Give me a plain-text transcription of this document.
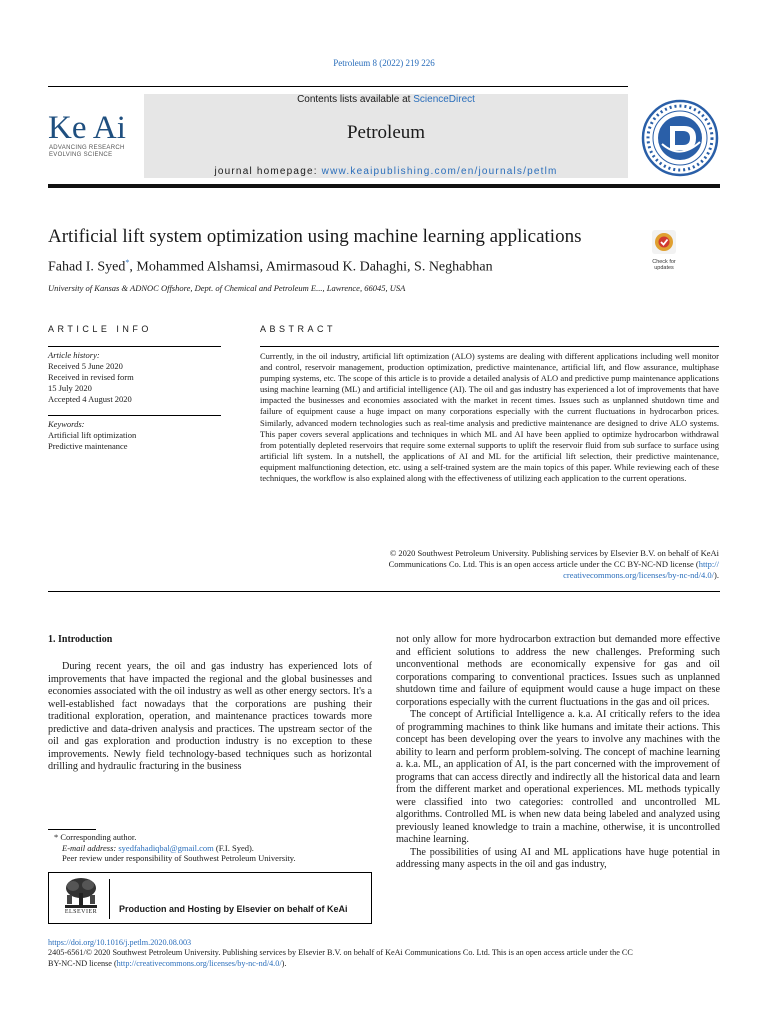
Petroleum 8 (2022) 219 226
Ke Ai
ADVANCING RESEARCH
EVOLVING SCIENCE
Contents lists available at ScienceDirect
Petroleum
journal homepage: www.keaipublishing.com/en/journals/petlm
Artificial lift system optimization using machine learning applications
Fahad I. Syed*, Mohammed Alshamsi, Amirmasoud K. Dahaghi, S. Neghabhan
University of Kansas & ADNOC Offshore, Dept. of Chemical and Petroleum E..., Lawrence, 66045, USA
Check for
updates
ARTICLE INFO
Article history:
Received 5 June 2020
Received in revised form
15 July 2020
Accepted 4 August 2020
Keywords:
Artificial lift optimization
Predictive maintenance
ABSTRACT
Currently, in the oil industry, artificial lift optimization (ALO) systems are dealing with different applications including well monitor and control, reservoir management, production optimization, predictive maintenance, artificial lift, and flow assurance, multiphase pumping systems, etc. The scope of this article is to provide a detailed analysis of ALO and predictive pump maintenance applications using machine learning (ML) and artificial intelligence (AI). The oil and gas industry has experienced a lot of improvements that have impacted the businesses and economies associated with the market in recent times. Issues such as unplanned shutdown time and failure of equipment cause a huge impact on many corporations especially with the current fluctuations in hydrocarbon prices. Similarly, advanced modern technologies such as real-time analysis and predictive maintenance are designed to drive ALO systems. This paper covers several applications and techniques in which ML and AI have been applied to optimize hydrocarbon withdrawal from potentially depleted reservoirs that require some external supports to uplift the reservoir fluid from sub surface to surface using artificial lift system. In a nutshell, the applications of AI and ML for the artificial lift selection, their predictive maintenance, equipment malfunctioning detection, etc. using a self-trained system are the main topics of this paper. While reviewing each of these techniques, the workflow is also explained along with the effectiveness of utilizing each application to the current operations.
© 2020 Southwest Petroleum University. Publishing services by Elsevier B.V. on behalf of KeAi
Communications Co. Ltd. This is an open access article under the CC BY-NC-ND license (http://
creativecommons.org/licenses/by-nc-nd/4.0/).
1. Introduction

During recent years, the oil and gas industry has experienced lots of improvements that have impacted the regional and the global businesses and economies associated with the oil industry as well as other energy sectors. It's a well-established fact nowadays that the corporations are pushing their traditional exploration, operation, and maintenance practices towards more predictive and data-driven analysis and practices. The upstream sector of the oil and gas exploration and production industry is no exception to these improvements. Newly field technology-based techniques such as horizontal drilling and hydraulic fracturing in the business

not only allow for more hydrocarbon extraction but demanded more effective and efficient solutions to address the new challenges. Preforming such unconventional methods are economically expensive for gas and oil corporations comparing to conventional practices. Issues such as unplanned shutdown time and failure of equipment would cause a huge impact on these corporations especially with the current fluctuations in the gas and oil prices.

The concept of Artificial Intelligence a. k.a. AI critically refers to the idea of programming machines to think like humans and imitate their actions. This concept has been developing over the years to involve any machines with the ability to learn and perform problem-solving. The concept of machine learning a. k.a. ML, an application of AI, is the part concerned with the improvement of programs that can access directly and indirectly all the historical data and learn from the different market and operational experiences. ML methods typically were classified into two categories: controlled and uncontrolled ML algorithms. Controlled ML is when new data being labeled and analyzed using previously leaned knowledge to train a machine, otherwise, it is uncontrolled machine learning.

The possibilities of using AI and ML applications have huge potential in addressing many aspects in the oil and gas industry,

* Corresponding author.
E-mail address: syedfahadiqbal@gmail.com (F.I. Syed).
Peer review under responsibility of Southwest Petroleum University.
ELSEVIER	Production and Hosting by Elsevier on behalf of KeAi
https://doi.org/10.1016/j.petlm.2020.08.003
2405-6561/© 2020 Southwest Petroleum University. Publishing services by Elsevier B.V. on behalf of KeAi Communications Co. Ltd. This is an open access article under the CC
BY-NC-ND license (http://creativecommons.org/licenses/by-nc-nd/4.0/).
